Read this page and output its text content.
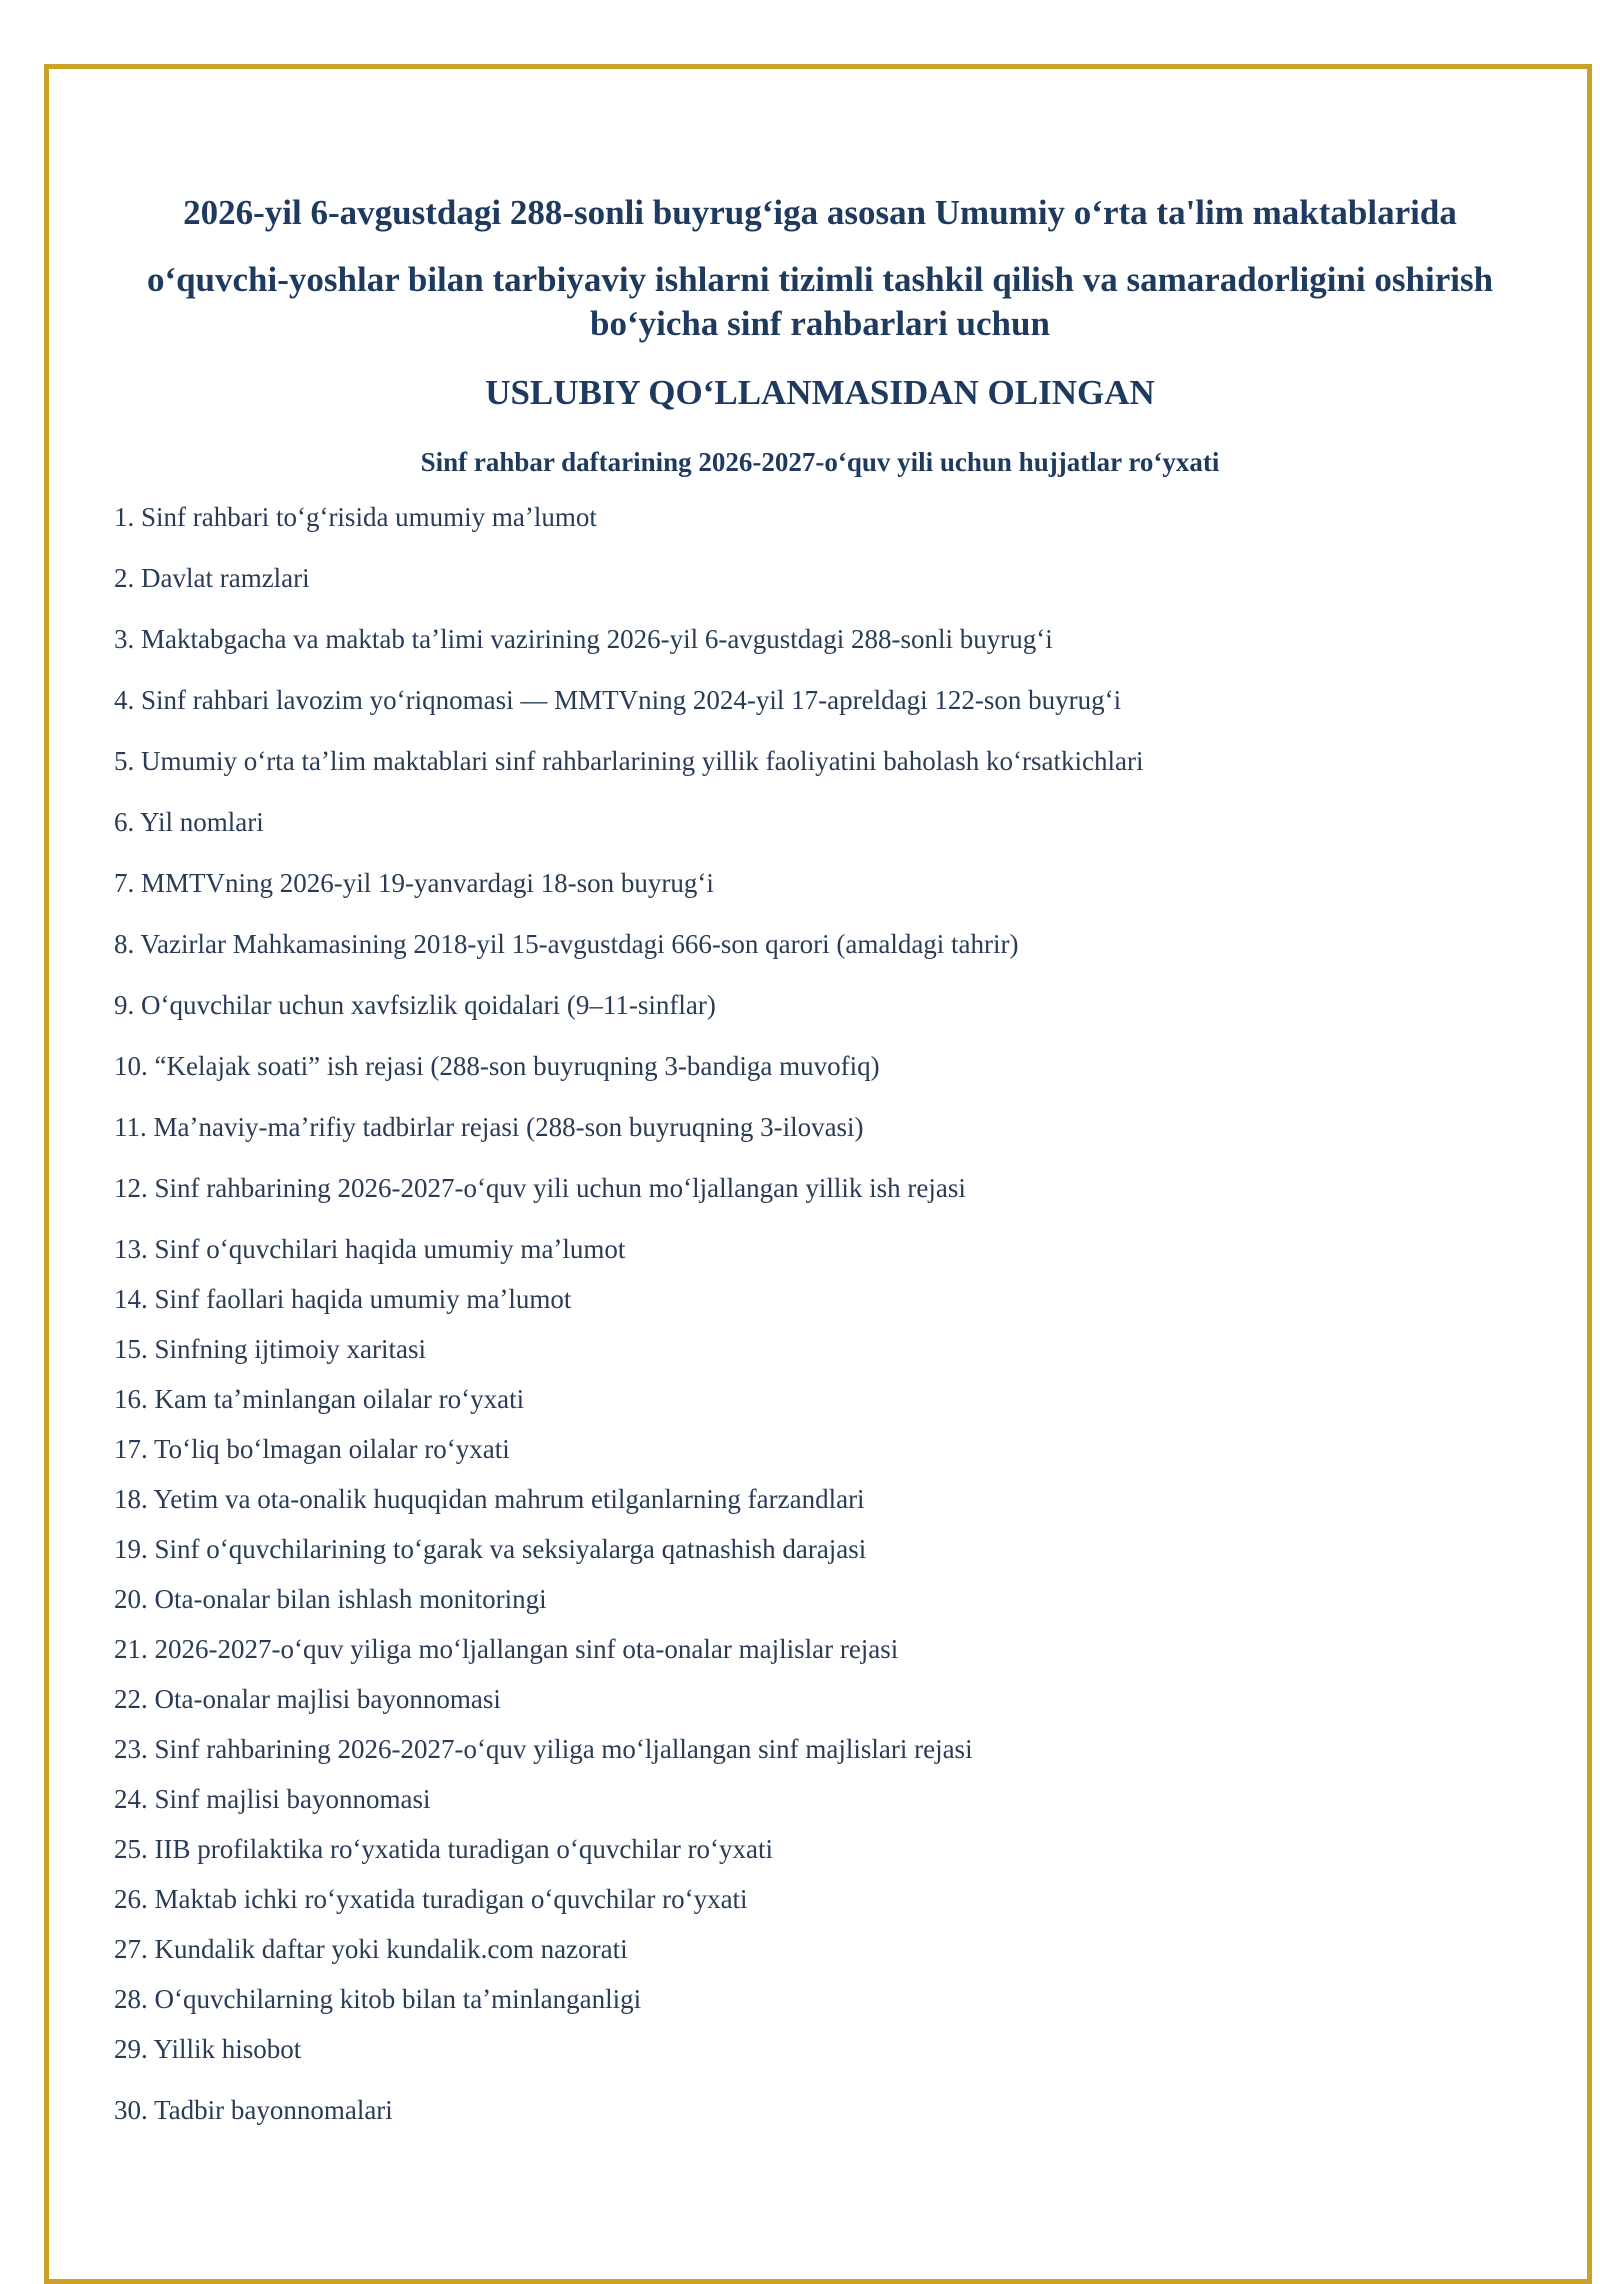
2026-yil 6-avgustdagi 288-sonli buyrugʻiga asosan Umumiy oʻrta ta'lim maktablarida
oʻquvchi-yoshlar bilan tarbiyaviy ishlarni tizimli tashkil qilish va samaradorligini oshirish boʻyicha sinf rahbarlari uchun
USLUBIY QOʻLLANMASIDAN OLINGAN
Sinf rahbar daftarining 2026-2027-oʻquv yili uchun hujjatlar roʻyxati
1. Sinf rahbari toʻgʻrisida umumiy maʼlumot
2. Davlat ramzlari
3. Maktabgacha va maktab taʼlimi vazirining 2026-yil 6-avgustdagi 288-sonli buyrugʻi
4. Sinf rahbari lavozim yoʻriqnomasi — MMTVning 2024-yil 17-apreldagi 122-son buyrugʻi
5. Umumiy oʻrta taʼlim maktablari sinf rahbarlarining yillik faoliyatini baholash koʻrsatkichlari
6. Yil nomlari
7. MMTVning 2026-yil 19-yanvardagi 18-son buyrugʻi
8. Vazirlar Mahkamasining 2018-yil 15-avgustdagi 666-son qarori (amaldagi tahrir)
9. Oʻquvchilar uchun xavfsizlik qoidalari (9–11-sinflar)
10. “Kelajak soati” ish rejasi (288-son buyruqning 3-bandiga muvofiq)
11. Maʼnaviy-maʼrifiy tadbirlar rejasi (288-son buyruqning 3-ilovasi)
12. Sinf rahbarining 2026-2027-oʻquv yili uchun moʻljallangan yillik ish rejasi
13. Sinf oʻquvchilari haqida umumiy maʼlumot
14. Sinf faollari haqida umumiy maʼlumot
15. Sinfning ijtimoiy xaritasi
16. Kam taʼminlangan oilalar roʻyxati
17. Toʻliq boʻlmagan oilalar roʻyxati
18. Yetim va ota-onalik huquqidan mahrum etilganlarning farzandlari
19. Sinf oʻquvchilarining toʻgarak va seksiyalarga qatnashish darajasi
20. Ota-onalar bilan ishlash monitoringi
21. 2026-2027-oʻquv yiliga moʻljallangan sinf ota-onalar majlislar rejasi
22. Ota-onalar majlisi bayonnomasi
23. Sinf rahbarining 2026-2027-oʻquv yiliga moʻljallangan sinf majlislari rejasi
24. Sinf majlisi bayonnomasi
25. IIB profilaktika roʻyxatida turadigan oʻquvchilar roʻyxati
26. Maktab ichki roʻyxatida turadigan oʻquvchilar roʻyxati
27. Kundalik daftar yoki kundalik.com nazorati
28. Oʻquvchilarning kitob bilan taʼminlanganligi
29. Yillik hisobot
30. Tadbir bayonnomalari
